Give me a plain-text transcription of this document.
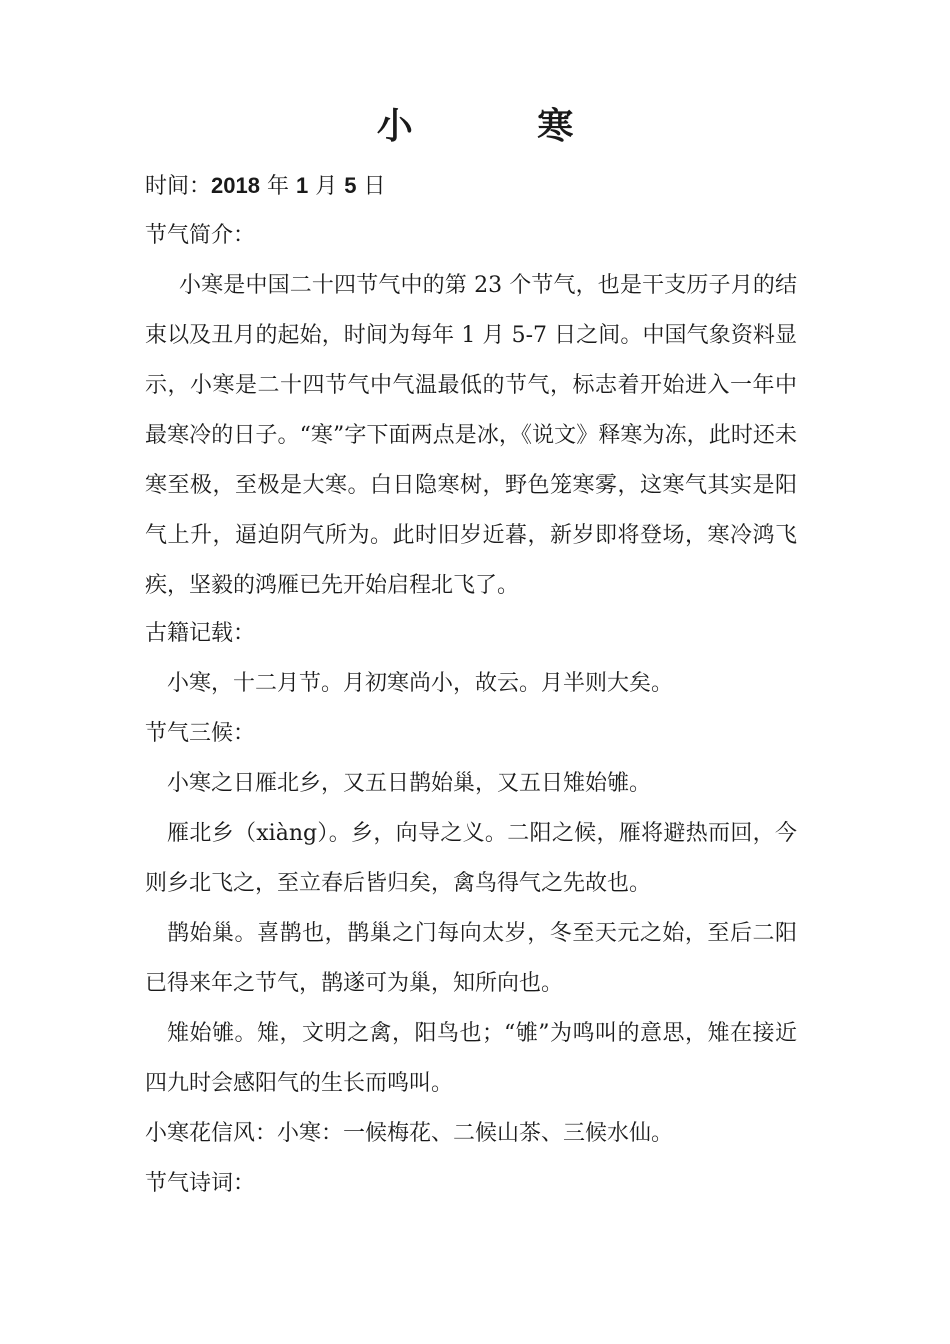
小 寒
时间：2018 年 1 月 5 日
节气简介：
小寒是中国二十四节气中的第 23 个节气，也是干支历子月的结束以及丑月的起始，时间为每年 1 月 5-7 日之间。中国气象资料显示，小寒是二十四节气中气温最低的节气，标志着开始进入一年中最寒冷的日子。“寒”字下面两点是冰，《说文》释寒为冻，此时还未寒至极，至极是大寒。白日隐寒树，野色笼寒雾，这寒气其实是阳气上升，逼迫阴气所为。此时旧岁近暮，新岁即将登场，寒冷鸿飞疾，坚毅的鸿雁已先开始启程北飞了。
古籍记载：
小寒，十二月节。月初寒尚小，故云。月半则大矣。
节气三候：
小寒之日雁北乡，又五日鹊始巢，又五日雉始雊。
雁北乡（xiàng）。乡，向导之义。二阳之候，雁将避热而回，今则乡北飞之，至立春后皆归矣，禽鸟得气之先故也。
鹊始巢。喜鹊也，鹊巢之门每向太岁，冬至天元之始，至后二阳已得来年之节气，鹊遂可为巢，知所向也。
雉始雊。雉，文明之禽，阳鸟也；“雊”为鸣叫的意思，雉在接近四九时会感阳气的生长而鸣叫。
小寒花信风：小寒：一候梅花、二候山茶、三候水仙。
节气诗词：
